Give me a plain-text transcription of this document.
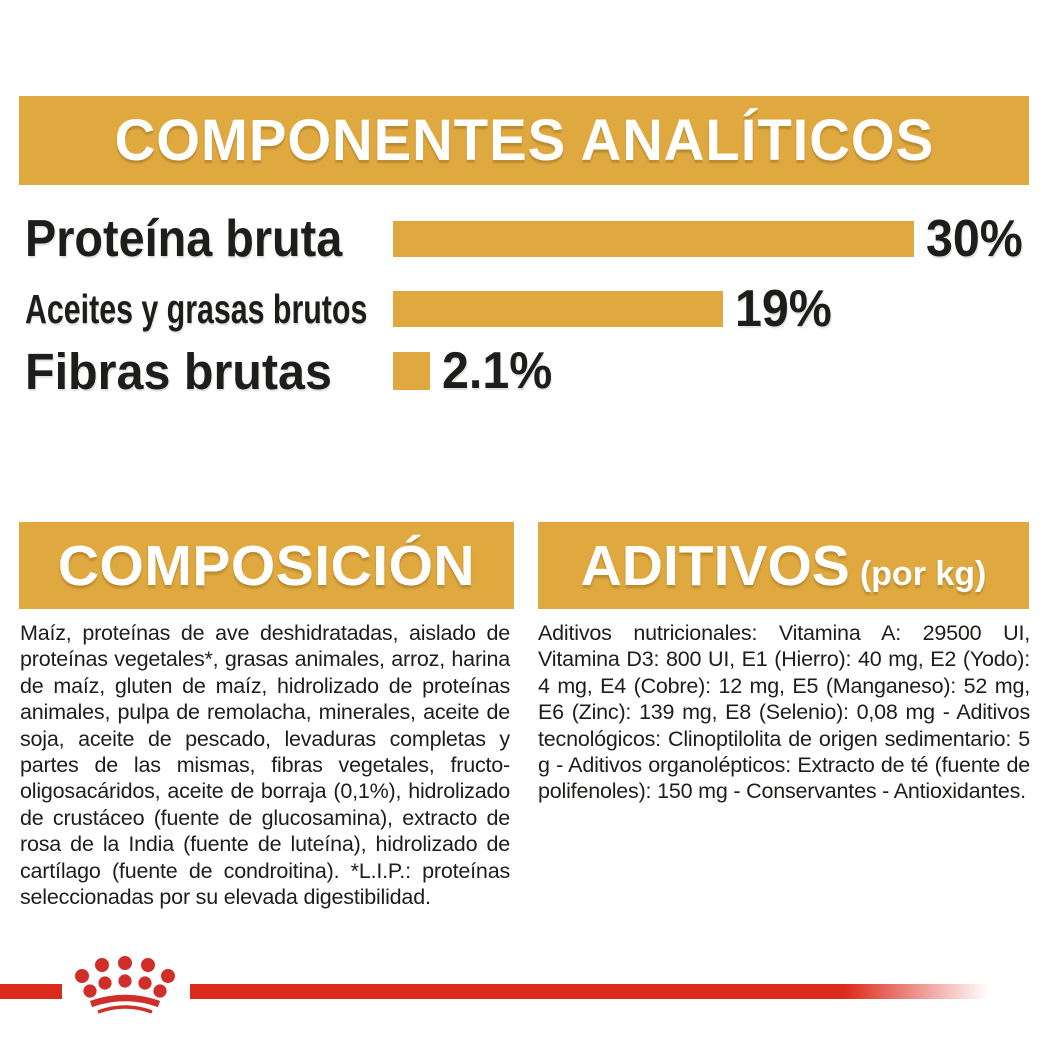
COMPONENTES ANALÍTICOS
Proteína bruta	30%
Aceites y grasas brutos	19%
Fibras brutas	2.1%
COMPOSICIÓN
Maíz, proteínas de ave deshidratadas, aislado de proteínas vegetales*, grasas animales, arroz, harina de maíz, gluten de maíz, hidrolizado de proteínas animales, pulpa de remolacha, minerales, aceite de soja, aceite de pescado, levaduras completas y partes de las mismas, fibras vegetales, fructo-oligosacáridos, aceite de borraja (0,1%), hidrolizado de crustáceo (fuente de glucosamina), extracto de rosa de la India (fuente de luteína), hidrolizado de cartílago (fuente de condroitina). *L.I.P.: proteínas seleccionadas por su elevada digestibilidad.
ADITIVOS (por kg)
Aditivos nutricionales: Vitamina A: 29500 UI, Vitamina D3: 800 UI, E1 (Hierro): 40 mg, E2 (Yodo): 4 mg, E4 (Cobre): 12 mg, E5 (Manganeso): 52 mg, E6 (Zinc): 139 mg, E8 (Selenio): 0,08 mg - Aditivos tecnológicos: Clinoptilolita de origen sedimentario: 5 g - Aditivos organolépticos: Extracto de té (fuente de polifenoles): 150 mg - Conservantes - Antioxidantes.
